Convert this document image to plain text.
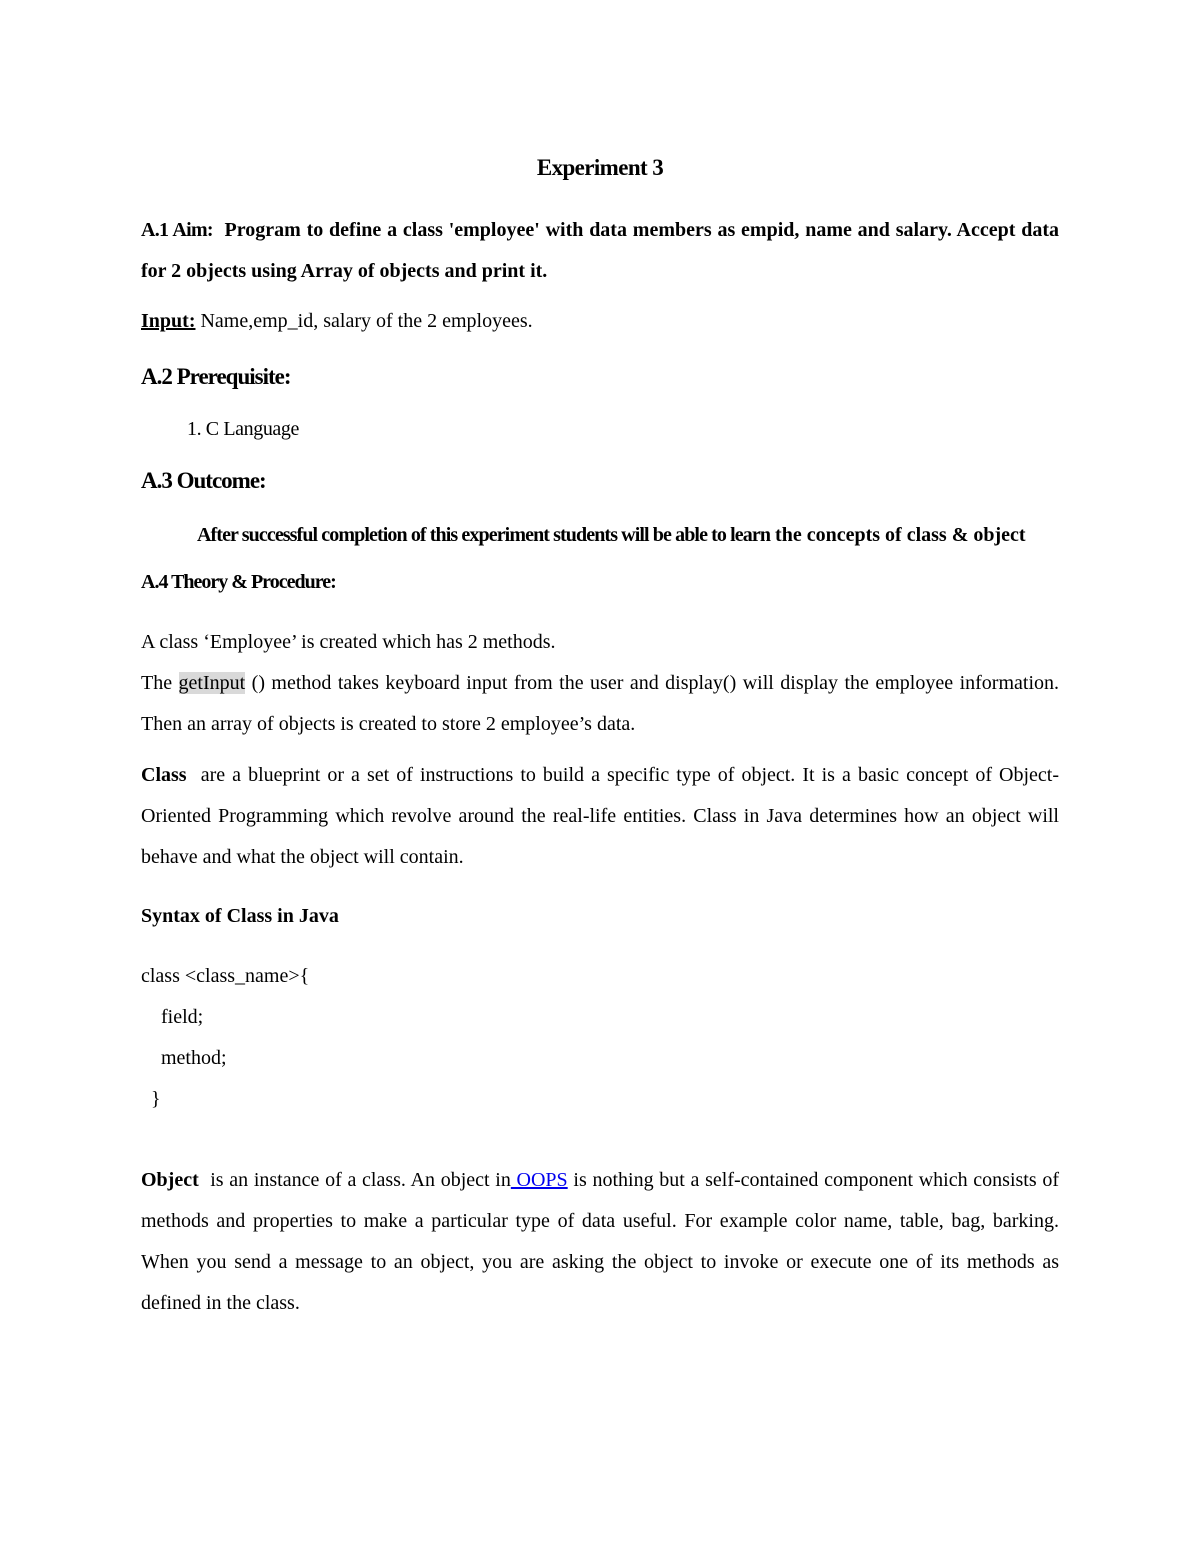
Experiment 3

A.1 Aim: Program to define a class 'employee' with data members as empid, name and salary. Accept data for 2 objects using Array of objects and print it.

Input: Name,emp_id, salary of the 2 employees.

A.2 Prerequisite:
1. C Language
A.3 Outcome:

After successful completion of this experiment students will be able to learn the concepts of class & object

A.4 Theory & Procedure:

A class ‘Employee’ is created which has 2 methods.

The getInput () method takes keyboard input from the user and display() will display the employee information. Then an array of objects is created to store 2 employee’s data.

Class are a blueprint or a set of instructions to build a specific type of object. It is a basic concept of Object-Oriented Programming which revolve around the real-life entities. Class in Java determines how an object will behave and what the object will contain.

Syntax of Class in Java
class <class_name>{
field;
method;
}

Object is an instance of a class. An object in OOPS is nothing but a self-contained component which consists of methods and properties to make a particular type of data useful. For example color name, table, bag, barking. When you send a message to an object, you are asking the object to invoke or execute one of its methods as defined in the class.
